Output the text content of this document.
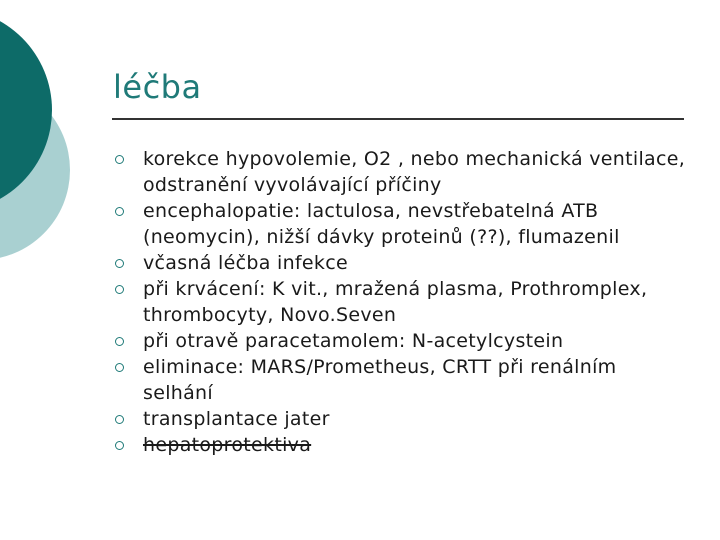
léčba
korekce hypovolemie, O2 , nebo mechanická ventilace, odstranění vyvolávající příčiny
encephalopatie: lactulosa, nevstřebatelná ATB (neomycin), nižší dávky proteinů (??), flumazenil
včasná léčba infekce
při krvácení: K vit., mražená plasma, Prothromplex, thrombocyty, Novo.Seven
při otravě paracetamolem: N-acetylcystein
eliminace: MARS/Prometheus, CRTT při renálním selhání
transplantace jater
hepatoprotektiva
